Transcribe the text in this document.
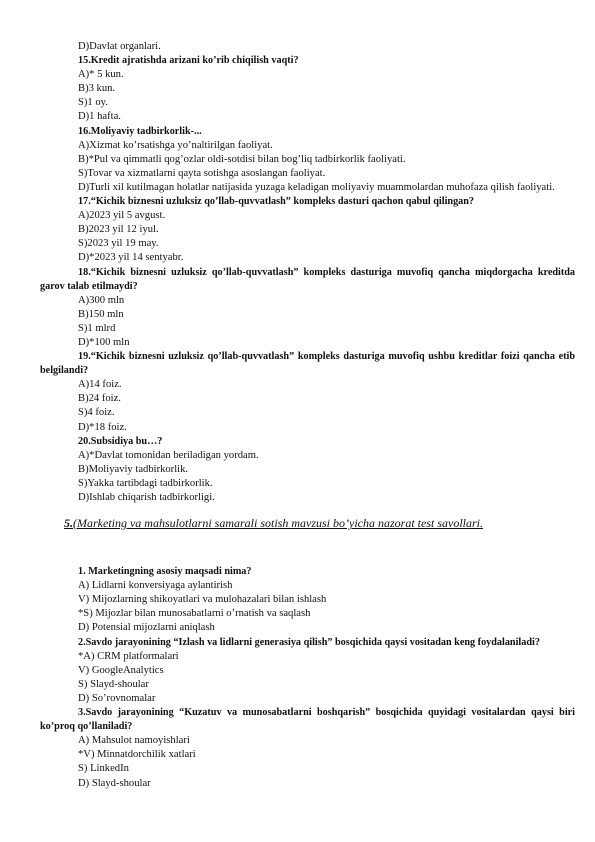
D)Davlat organlari.

15.Kredit ajratishda arizani ko’rib chiqilish vaqti?

A)* 5 kun.

B)3 kun.

S)1 oy.

D)1 hafta.

16.Moliyaviy tadbirkorlik-...

A)Xizmat ko’rsatishga yo’naltirilgan faoliyat.

B)*Pul va qimmatli qog’ozlar oldi-sotdisi bilan bog’liq tadbirkorlik faoliyati.

S)Tovar va xizmatlarni qayta sotishga asoslangan faoliyat.

D)Turli xil kutilmagan holatlar natijasida yuzaga keladigan moliyaviy muammolardan muhofaza qilish faoliyati.

17.“Kichik biznesni uzluksiz qo’llab-quvvatlash” kompleks dasturi qachon qabul qilingan?

A)2023 yil 5 avgust.

B)2023 yil 12 iyul.

S)2023 yil 19 may.

D)*2023 yil 14 sentyabr.

18.“Kichik biznesni uzluksiz qo’llab-quvvatlash” kompleks dasturiga muvofiq qancha miqdorgacha kreditda garov talab etilmaydi?

A)300 mln

B)150 mln

S)1 mlrd

D)*100 mln

19.“Kichik biznesni uzluksiz qo’llab-quvvatlash” kompleks dasturiga muvofiq ushbu kreditlar foizi qancha etib belgilandi?

A)14 foiz.

B)24 foiz.

S)4 foiz.

D)*18 foiz.

20.Subsidiya bu…?

A)*Davlat tomonidan beriladigan yordam.

B)Moliyaviy tadbirkorlik.

S)Yakka tartibdagi tadbirkorlik.

D)Ishlab chiqarish tadbirkorligi.

5.(Marketing va mahsulotlarni samarali sotish mavzusi bo’yicha nazorat test savollari.

1. Marketingning asosiy maqsadi nima?

A) Lidlarni konversiyaga aylantirish

V) Mijozlarning shikoyatlari va mulohazalari bilan ishlash

*S) Mijozlar bilan munosabatlarni o’rnatish va saqlash

D) Potensial mijozlarni aniqlash

2.Savdo jarayonining “Izlash va lidlarni generasiya qilish” bosqichida qaysi vositadan keng foydalaniladi?

*A) CRM platformalari

V) GoogleAnalytics

S) Slayd-shoular

D) So’rovnomalar

3.Savdo jarayonining “Kuzatuv va munosabatlarni boshqarish” bosqichida quyidagi vositalardan qaysi biri ko’proq qo’llaniladi?

A) Mahsulot namoyishlari

*V) Minnatdorchilik xatlari

S) LinkedIn

D) Slayd-shoular
